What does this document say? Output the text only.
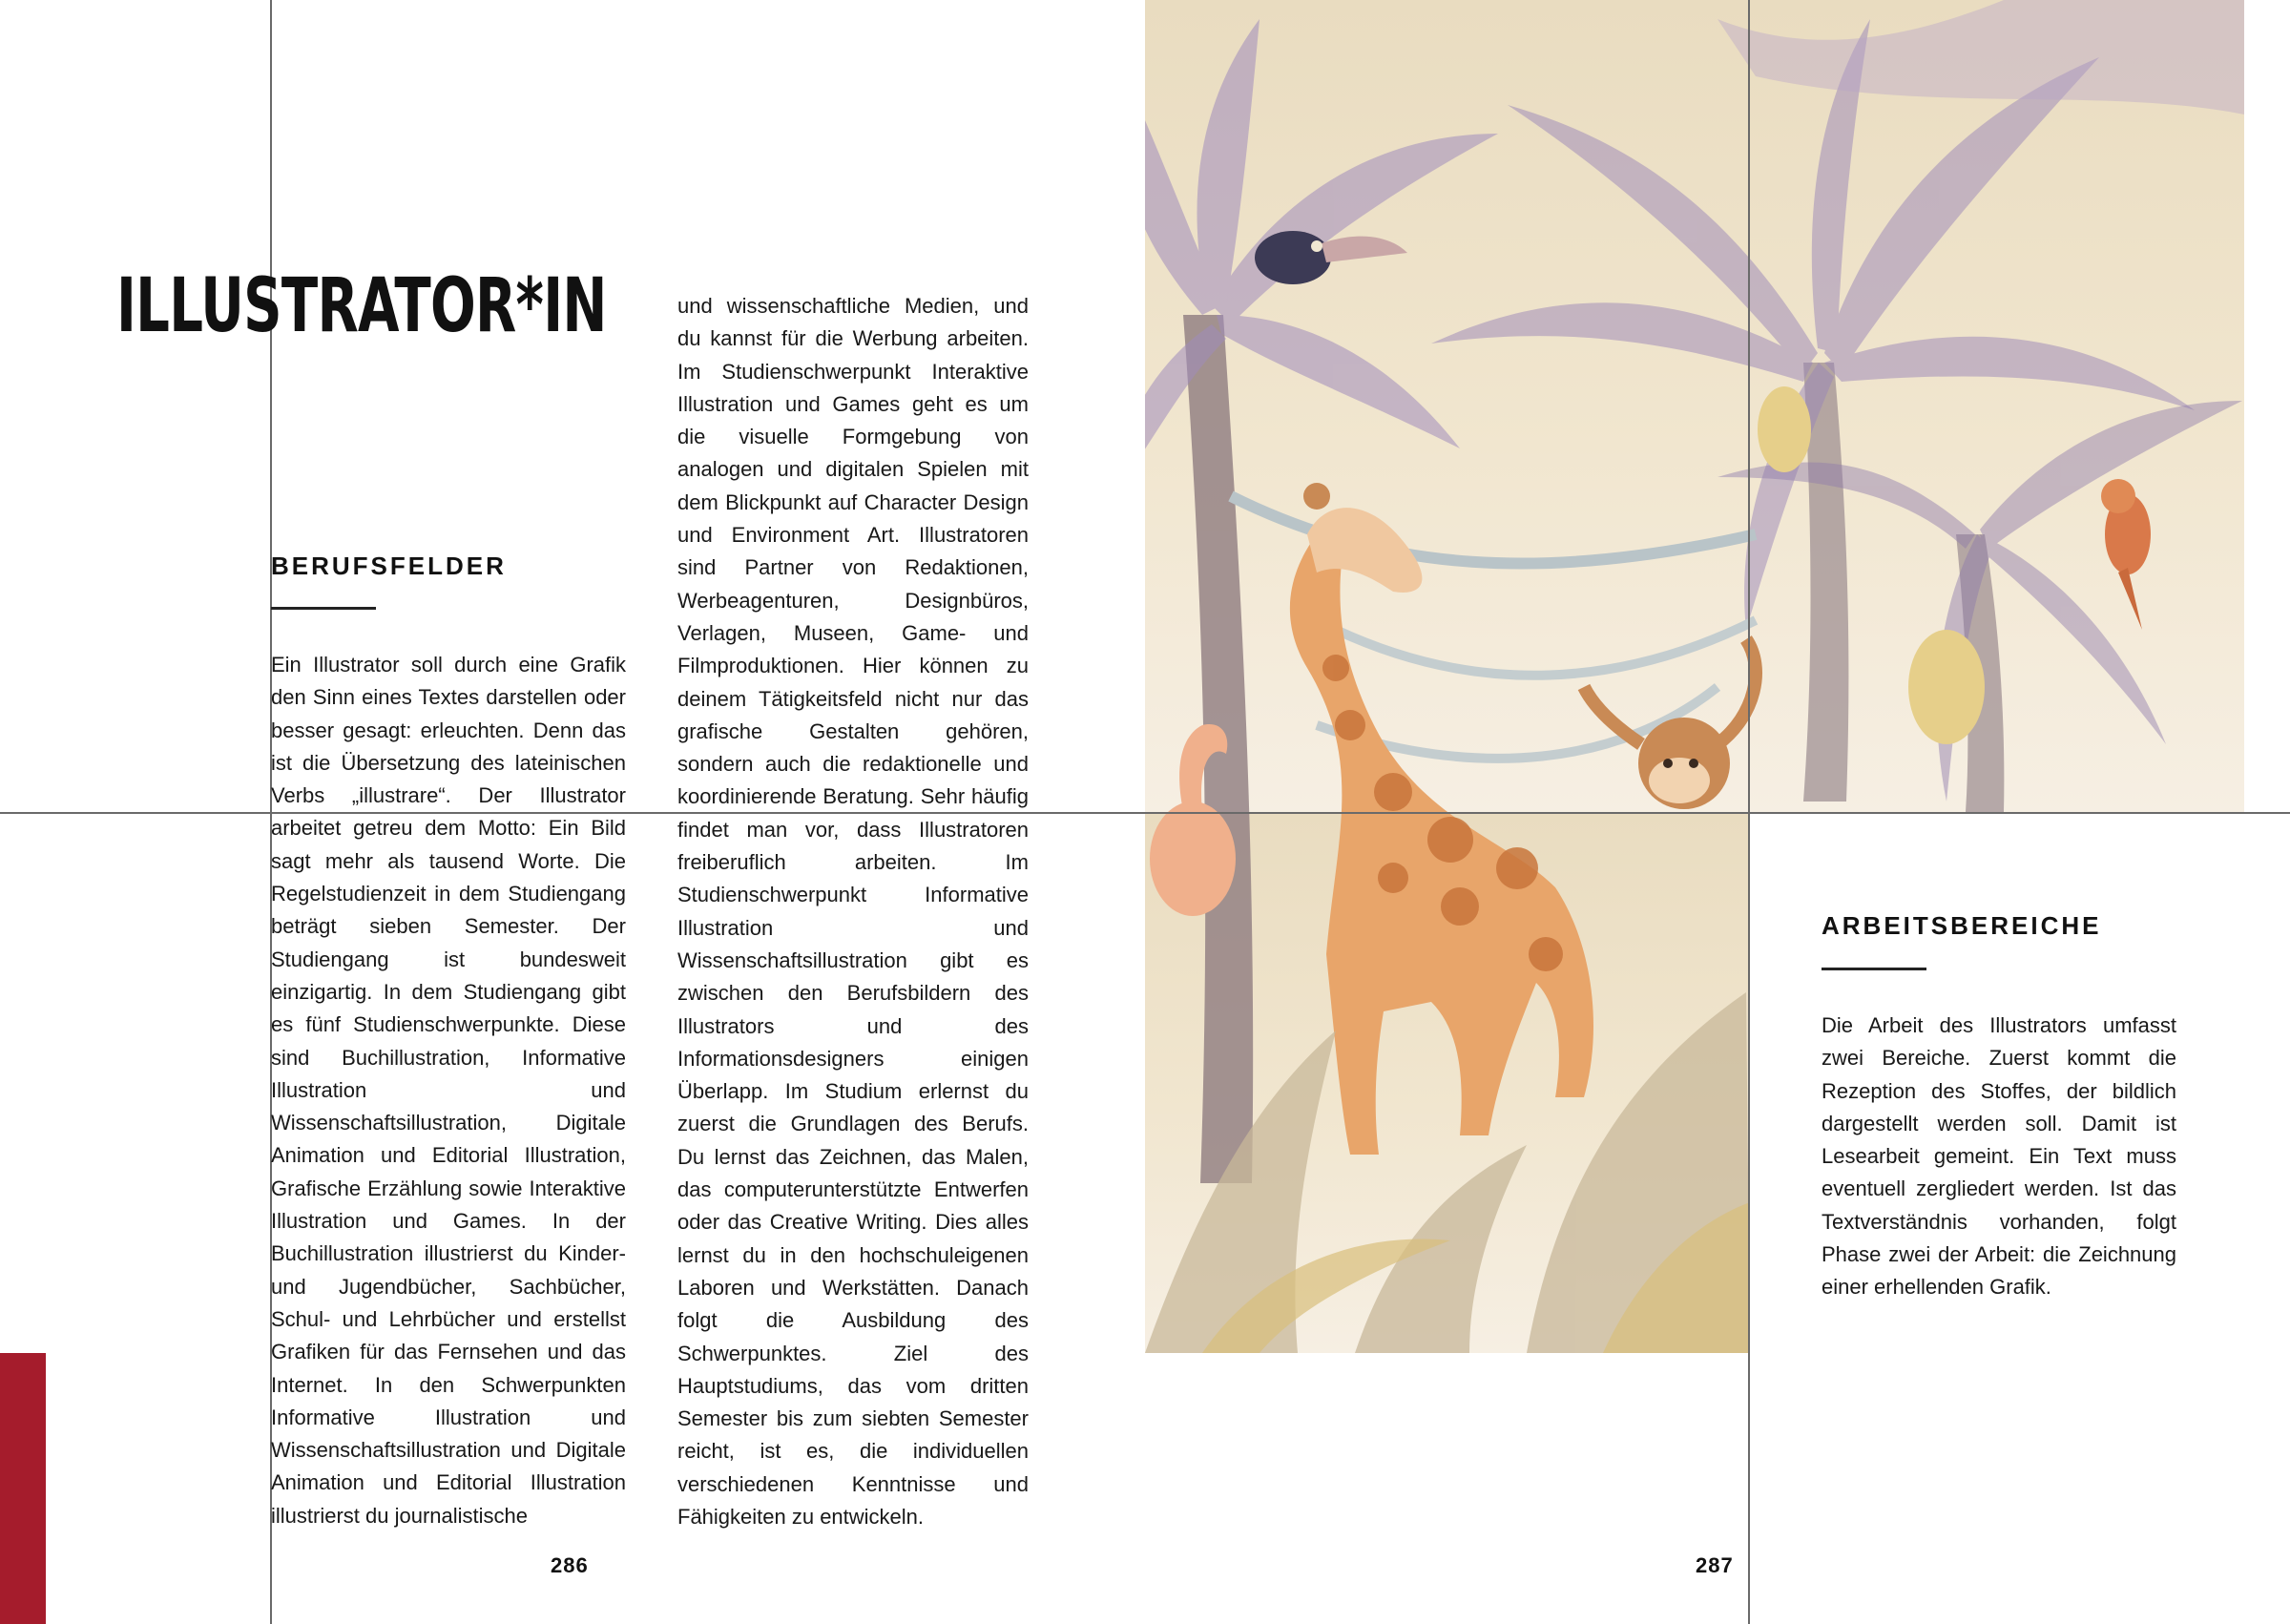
ILLUSTRATOR*IN
BERUFSFELDER

Ein Illustrator soll durch eine Grafik den Sinn eines Textes darstellen oder besser gesagt: erleuchten. Denn das ist die Übersetzung des lateinischen Verbs „illustrare“. Der Illustrator arbeitet getreu dem Motto: Ein Bild sagt mehr als tausend Worte. Die Regelstudienzeit in dem Studiengang beträgt sieben Semester. Der Studiengang ist bundesweit einzigartig. In dem Studiengang gibt es fünf Studienschwerpunkte. Diese sind Buchillustration, Informative Illustration und Wissenschaftsillustration, Digitale Animation und Editorial Illustration, Grafische Erzählung sowie Interaktive Illustration und Games. In der Buchillustration illustrierst du Kinder- und Jugendbücher, Sachbücher, Schul- und Lehrbücher und erstellst Grafiken für das Fernsehen und das Internet. In den Schwerpunkten Informative Illustration und Wissenschaftsillustration und Digitale Animation und Editorial Illustration illustrierst du journalistische

und wissenschaftliche Medien, und du kannst für die Werbung arbeiten. Im Studienschwerpunkt Interaktive Illustration und Games geht es um die visuelle Formgebung von analogen und digitalen Spielen mit dem Blickpunkt auf Character Design und Environment Art. Illustratoren sind Partner von Redaktionen, Werbeagenturen, Designbüros, Verlagen, Museen, Game- und Filmproduktionen. Hier können zu deinem Tätigkeitsfeld nicht nur das grafische Gestalten gehören, sondern auch die redaktionelle und koordinierende Beratung. Sehr häufig findet man vor, dass Illustratoren freiberuflich arbeiten. Im Studienschwerpunkt Informative Illustration und Wissenschaftsillustration gibt es zwischen den Berufsbildern des Illustrators und des Informationsdesigners einigen Überlapp. Im Studium erlernst du zuerst die Grundlagen des Berufs. Du lernst das Zeichnen, das Malen, das computerunterstützte Entwerfen oder das Creative Writing. Dies alles lernst du in den hochschuleigenen Laboren und Werkstätten. Danach folgt die Ausbildung des Schwerpunktes. Ziel des Hauptstudiums, das vom dritten Semester bis zum siebten Semester reicht, ist es, die individuellen verschiedenen Kenntnisse und Fähigkeiten zu entwickeln.

286	287
ARBEITSBEREICHE

Die Arbeit des Illustrators umfasst zwei Bereiche. Zuerst kommt die Rezeption des Stoffes, der bildlich dargestellt werden soll. Damit ist Lesearbeit gemeint. Ein Text muss eventuell zergliedert werden. Ist das Textverständnis vorhanden, folgt Phase zwei der Arbeit: die Zeichnung einer erhellenden Grafik.
